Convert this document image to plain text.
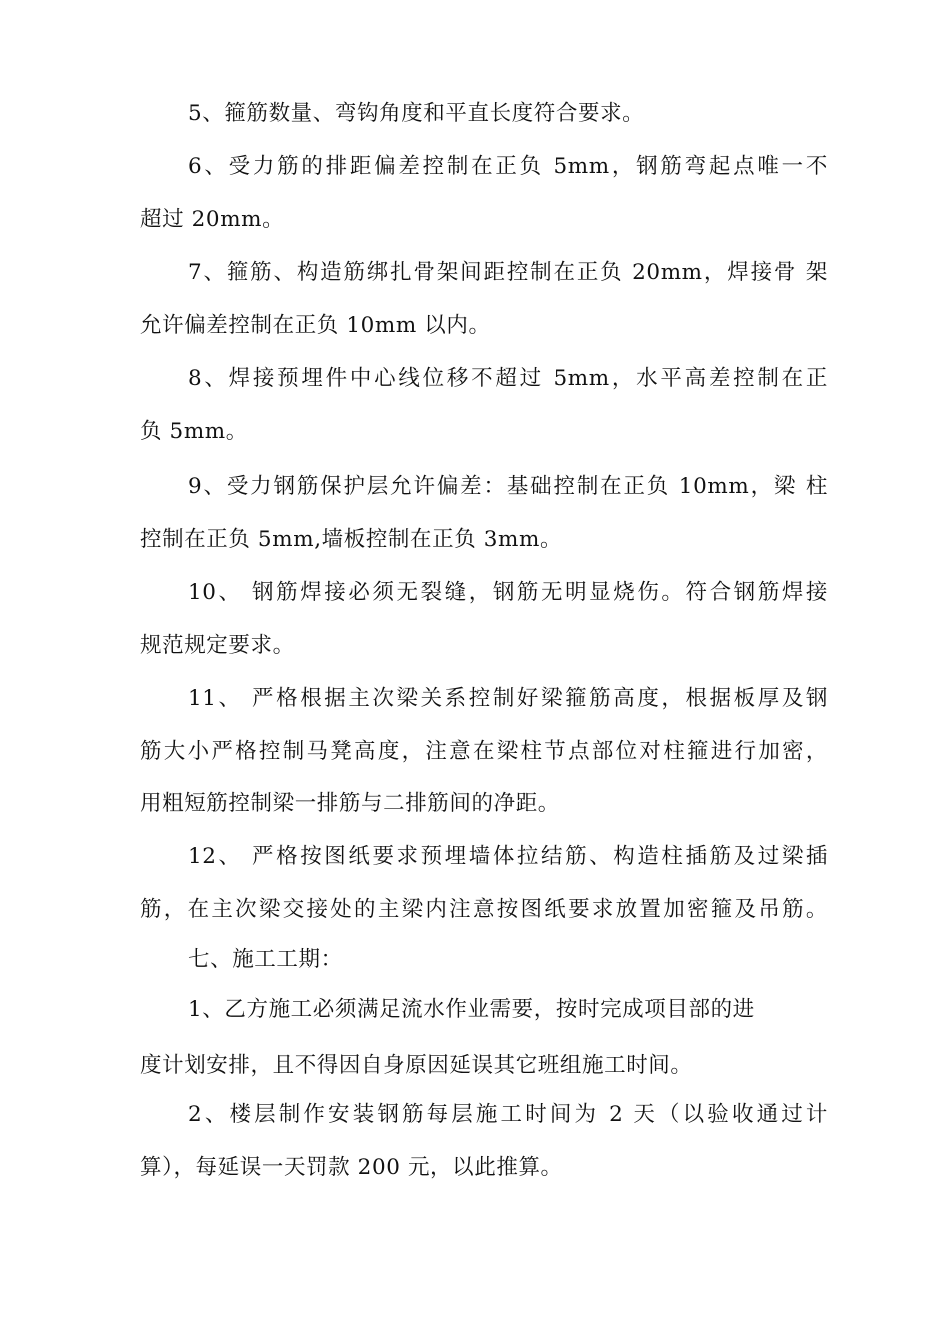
5、箍筋数量、弯钩角度和平直长度符合要求。
6、受力筋的排距偏差控制在正负 5mm，钢筋弯起点唯一不
超过 20mm。
7、箍筋、构造筋绑扎骨架间距控制在正负 20mm，焊接骨 架
允许偏差控制在正负 10mm 以内。
8、焊接预埋件中心线位移不超过 5mm，水平高差控制在正
负 5mm。
9、受力钢筋保护层允许偏差：基础控制在正负 10mm，梁 柱
控制在正负 5mm,墙板控制在正负 3mm。
10、 钢筋焊接必须无裂缝，钢筋无明显烧伤。符合钢筋焊接
规范规定要求。
11、 严格根据主次梁关系控制好梁箍筋高度，根据板厚及钢
筋大小严格控制马凳高度，注意在梁柱节点部位对柱箍进行加密，
用粗短筋控制梁一排筋与二排筋间的净距。
12、 严格按图纸要求预埋墙体拉结筋、构造柱插筋及过梁插
筋，在主次梁交接处的主梁内注意按图纸要求放置加密箍及吊筋。
七、施工工期：
1、乙方施工必须满足流水作业需要，按时完成项目部的进
度计划安排，且不得因自身原因延误其它班组施工时间。
2、楼层制作安装钢筋每层施工时间为 2 天（以验收通过计
算），每延误一天罚款 200 元，以此推算。
